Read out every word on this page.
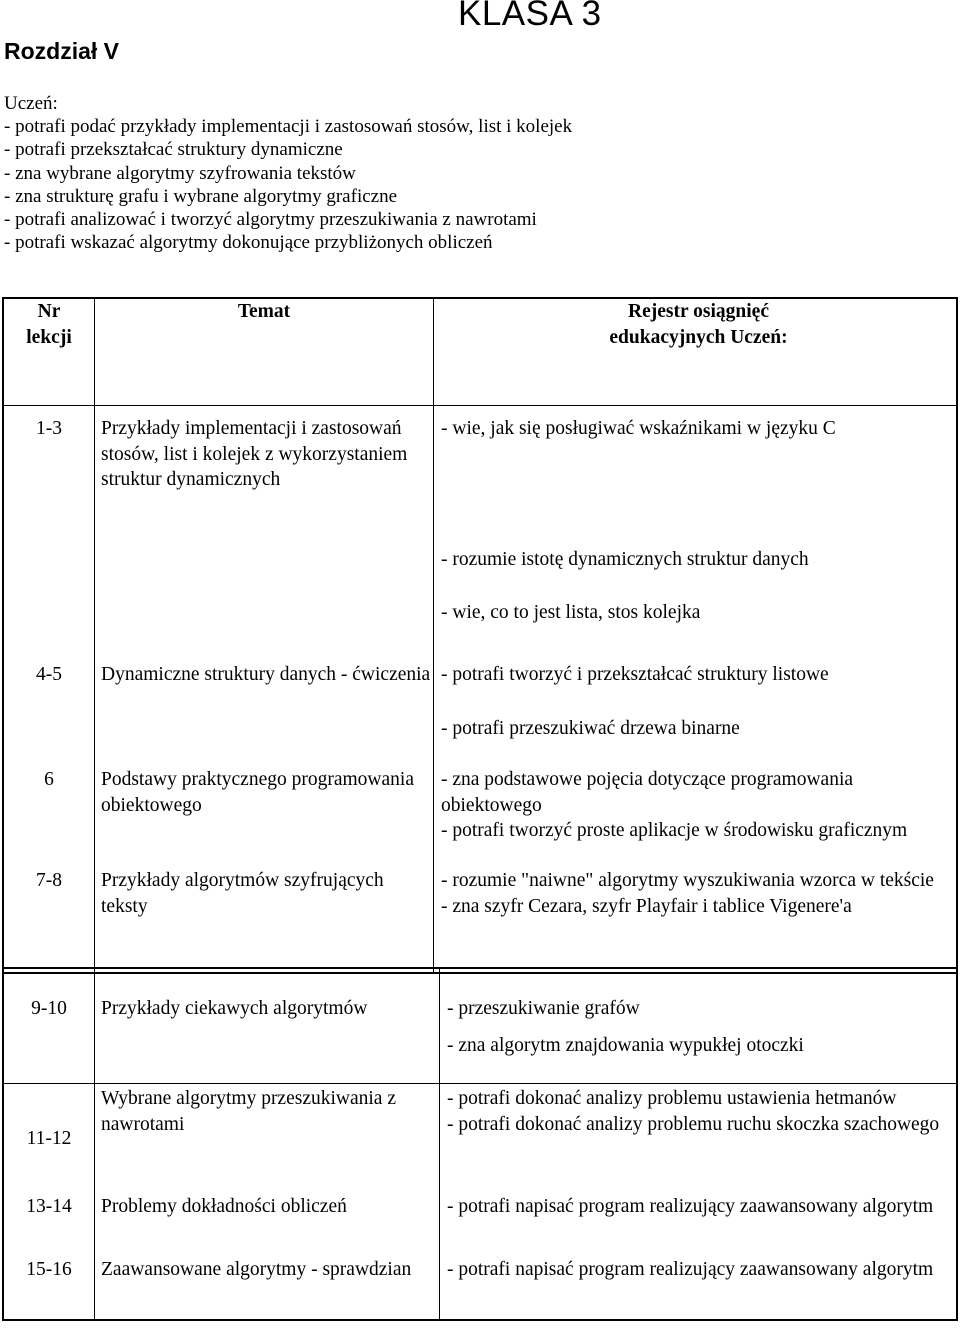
KLASA 3
Rozdział V
Uczeń:
- potrafi podać przykłady implementacji i zastosowań stosów, list i kolejek
- potrafi przekształcać struktury dynamiczne
- zna wybrane algorytmy szyfrowania tekstów
- zna strukturę grafu i wybrane algorytmy graficzne
- potrafi analizować i tworzyć algorytmy przeszukiwania z nawrotami
- potrafi wskazać algorytmy dokonujące przybliżonych obliczeń
Nr
lekcji	Temat	Rejestr osiągnięć
edukacyjnych Uczeń:
1-3	Przykłady implementacji i zastosowań stosów, list i kolejek z wykorzystaniem struktur dynamicznych	- wie, jak się posługiwać wskaźnikami w języku C
- rozumie istotę dynamicznych struktur danych
- wie, co to jest lista, stos kolejka

4-5	Dynamiczne struktury danych - ćwiczenia	- potrafi tworzyć i przekształcać struktury listowe
- potrafi przeszukiwać drzewa binarne

6	Podstawy praktycznego programowania obiektowego	- zna podstawowe pojęcia dotyczące programowania obiektowego
- potrafi tworzyć proste aplikacje w środowisku graficznym

7-8	Przykłady algorytmów szyfrujących teksty	- rozumie "naiwne" algorytmy wyszukiwania wzorca w tekście
- zna szyfr Cezara, szyfr Playfair i tablice Vigenere'a
9-10	Przykłady ciekawych algorytmów	- przeszukiwanie grafów
- zna algorytm znajdowania wypukłej otoczki

11-12	Wybrane algorytmy przeszukiwania z nawrotami	- potrafi dokonać analizy problemu ustawienia hetmanów
- potrafi dokonać analizy problemu ruchu skoczka szachowego

13-14	Problemy dokładności obliczeń	- potrafi napisać program realizujący zaawansowany algorytm

15-16	Zaawansowane algorytmy - sprawdzian	- potrafi napisać program realizujący zaawansowany algorytm
